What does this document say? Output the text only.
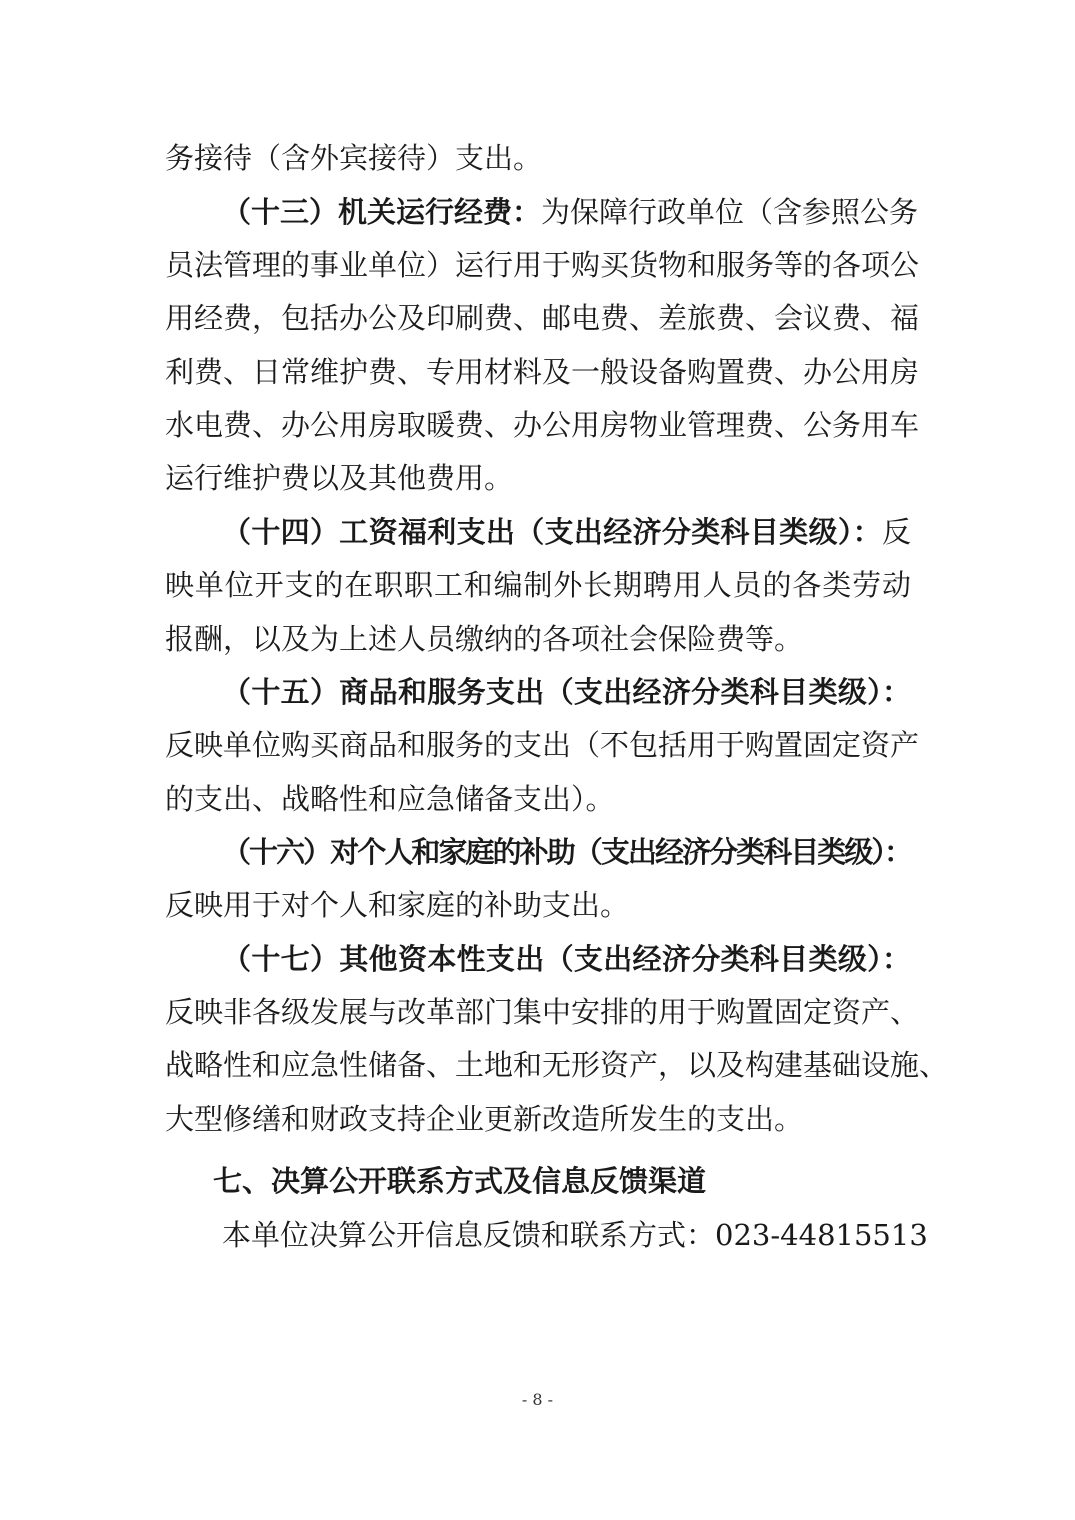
务接待（含外宾接待）支出。
（十三）机关运行经费：为保障行政单位（含参照公务
员法管理的事业单位）运行用于购买货物和服务等的各项公
用经费，包括办公及印刷费、邮电费、差旅费、会议费、福
利费、日常维护费、专用材料及一般设备购置费、办公用房
水电费、办公用房取暖费、办公用房物业管理费、公务用车
运行维护费以及其他费用。
（十四）工资福利支出（支出经济分类科目类级）：反
映单位开支的在职职工和编制外长期聘用人员的各类劳动
报酬，以及为上述人员缴纳的各项社会保险费等。
（十五）商品和服务支出（支出经济分类科目类级）：
反映单位购买商品和服务的支出（不包括用于购置固定资产
的支出、战略性和应急储备支出）。
（十六）对个人和家庭的补助（支出经济分类科目类级）：
反映用于对个人和家庭的补助支出。
（十七）其他资本性支出（支出经济分类科目类级）：
反映非各级发展与改革部门集中安排的用于购置固定资产、
战略性和应急性储备、土地和无形资产，以及构建基础设施、
大型修缮和财政支持企业更新改造所发生的支出。
七、决算公开联系方式及信息反馈渠道
本单位决算公开信息反馈和联系方式：023-44815513
- 8 -
